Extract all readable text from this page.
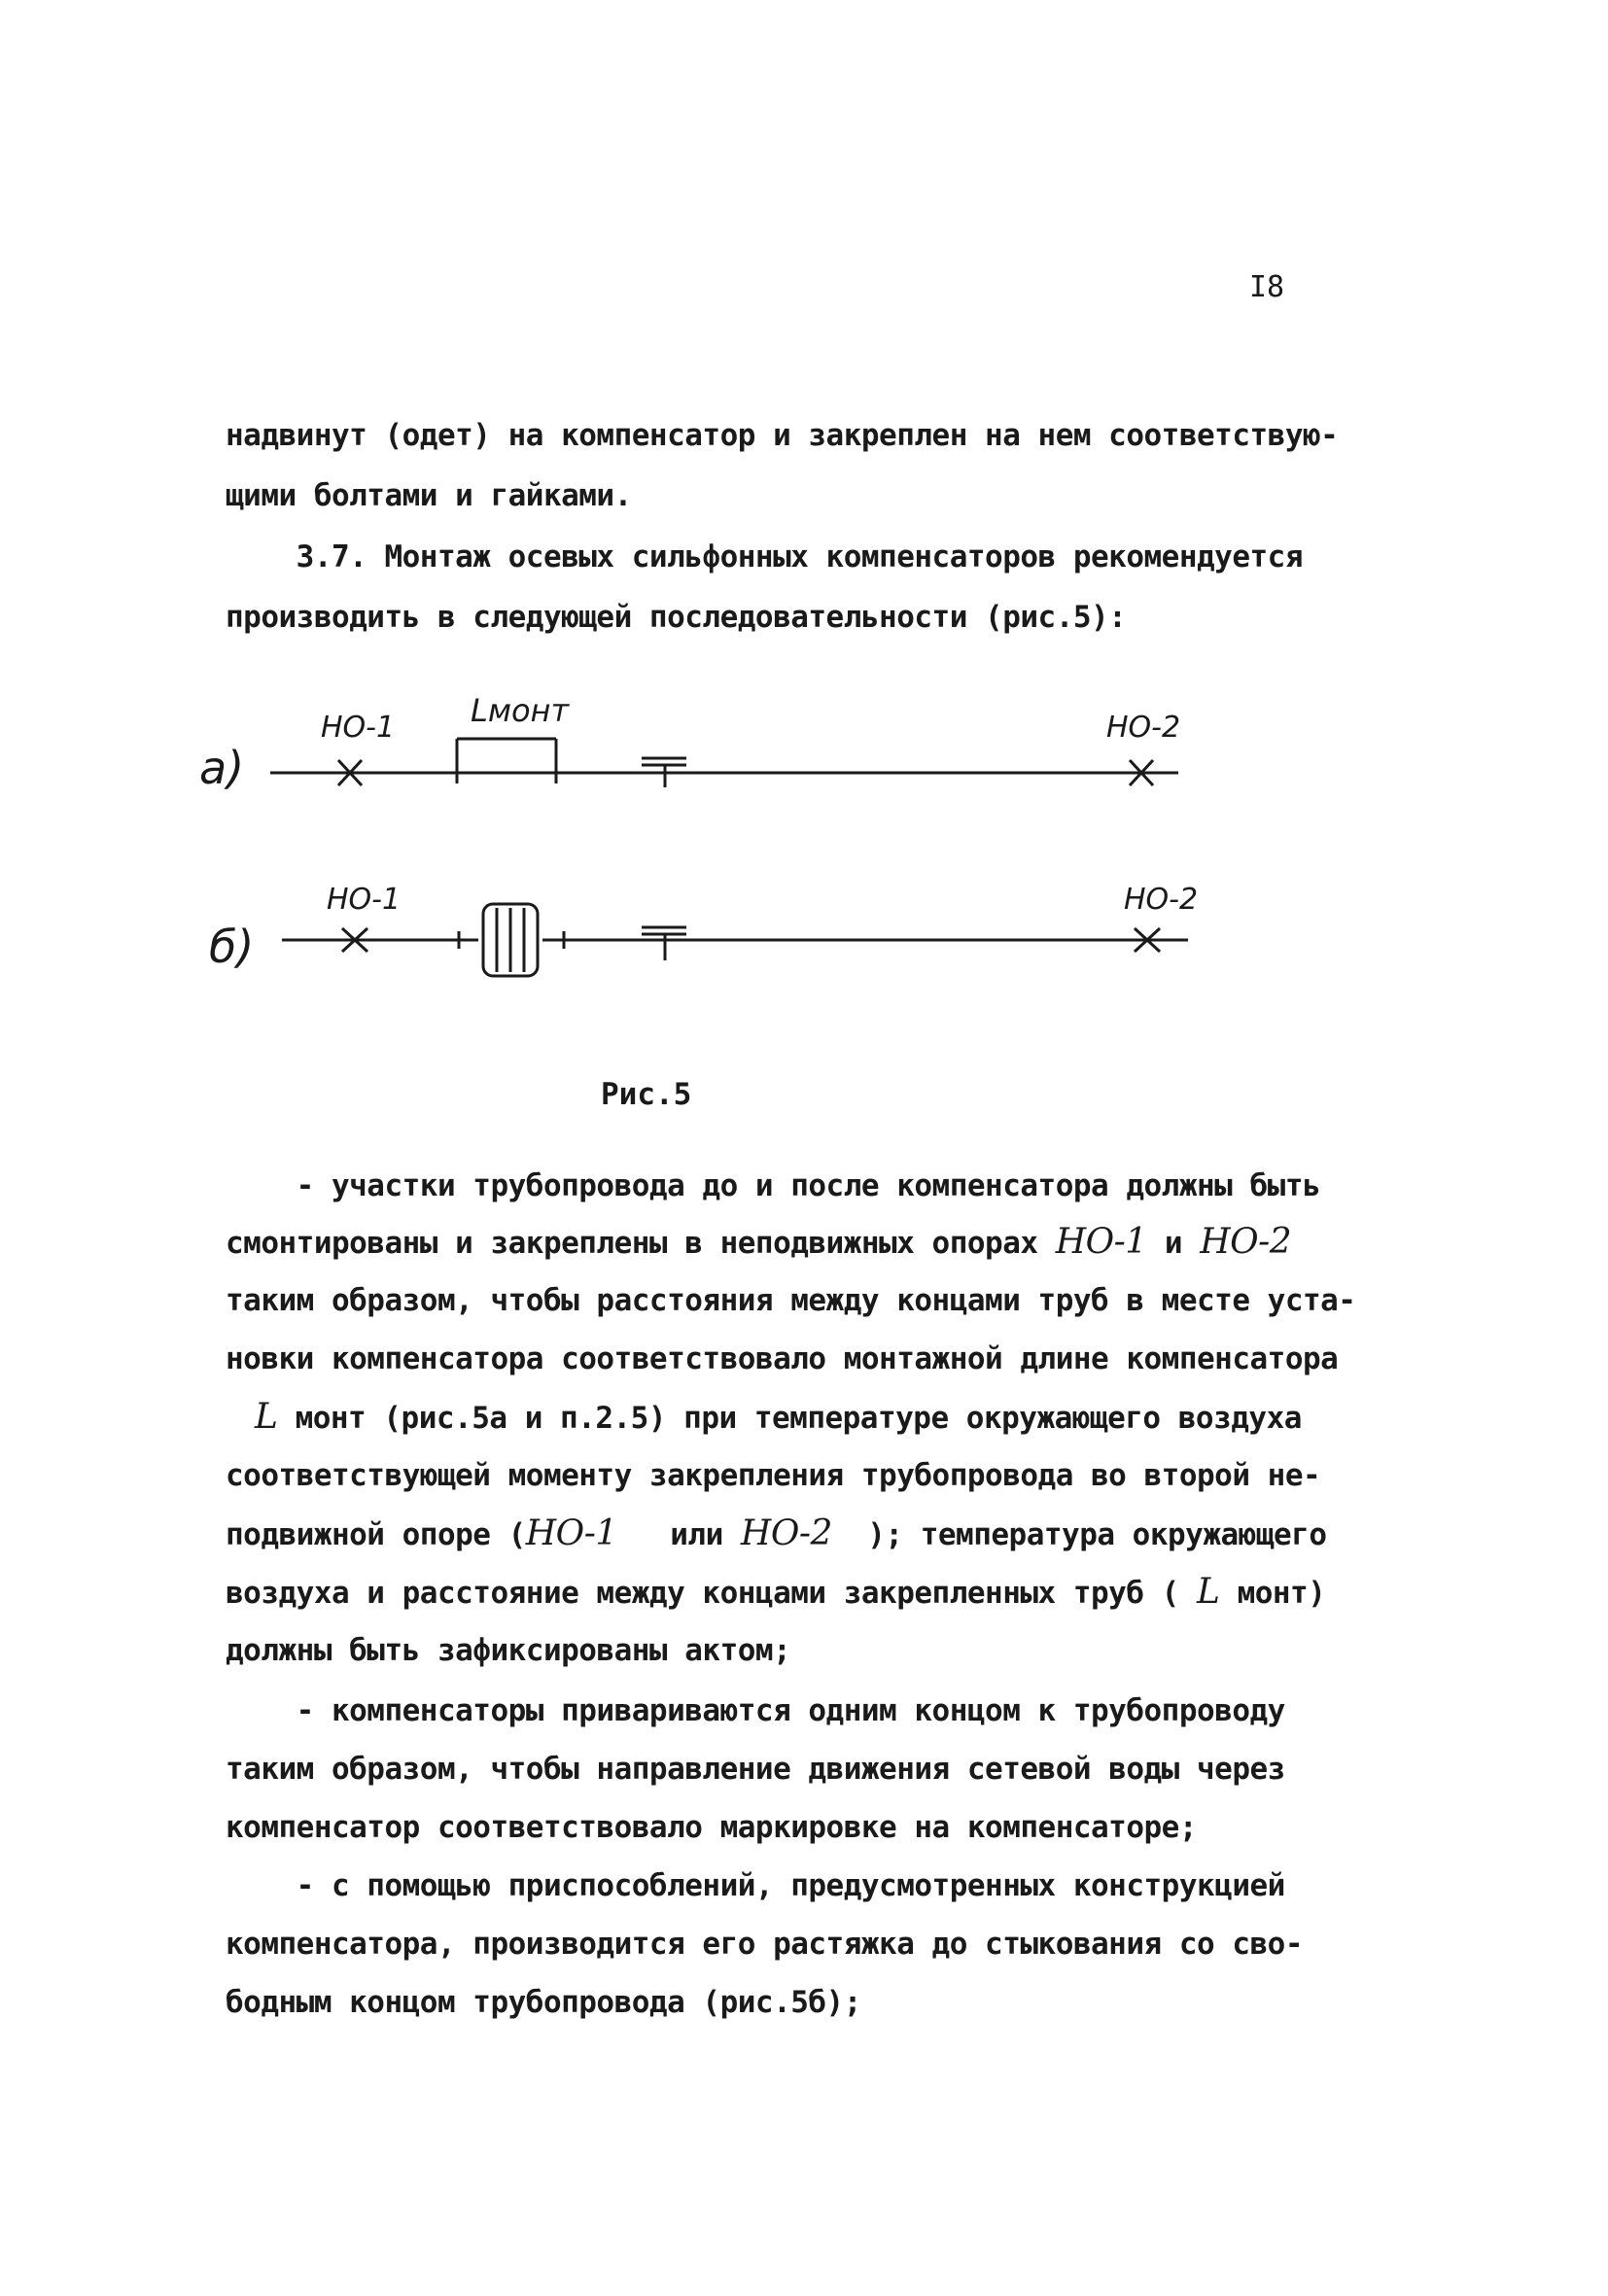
I8
надвинут (одет) на компенсатор и закреплен на нем соответствую-
щими болтами и гайками.
3.7. Монтаж осевых сильфонных компенсаторов рекомендуется
производить в следующей последовательности (рис.5):
а)
НО-1 Lмонт	НО-2
б)
НО-1	НО-2
Рис.5
- участки трубопровода до и после компенсатора должны быть
смонтированы и закреплены в неподвижных опорах НО-1 и НО-2
таким образом, чтобы расстояния между концами труб в месте уста-
новки компенсатора соответствовало монтажной длине компенсатора
L монт (рис.5а и п.2.5) при температуре окружающего воздуха
соответствующей моменту закрепления трубопровода во второй не-
подвижной опоре (НО-1   или НО-2  ); температура окружающего
воздуха и расстояние между концами закрепленных труб ( L монт)
должны быть зафиксированы актом;
- компенсаторы привариваются одним концом к трубопроводу
таким образом, чтобы направление движения сетевой воды через
компенсатор соответствовало маркировке на компенсаторе;
- с помощью приспособлений, предусмотренных конструкцией
компенсатора, производится его растяжка до стыкования со сво-
бодным концом трубопровода (рис.5б);
